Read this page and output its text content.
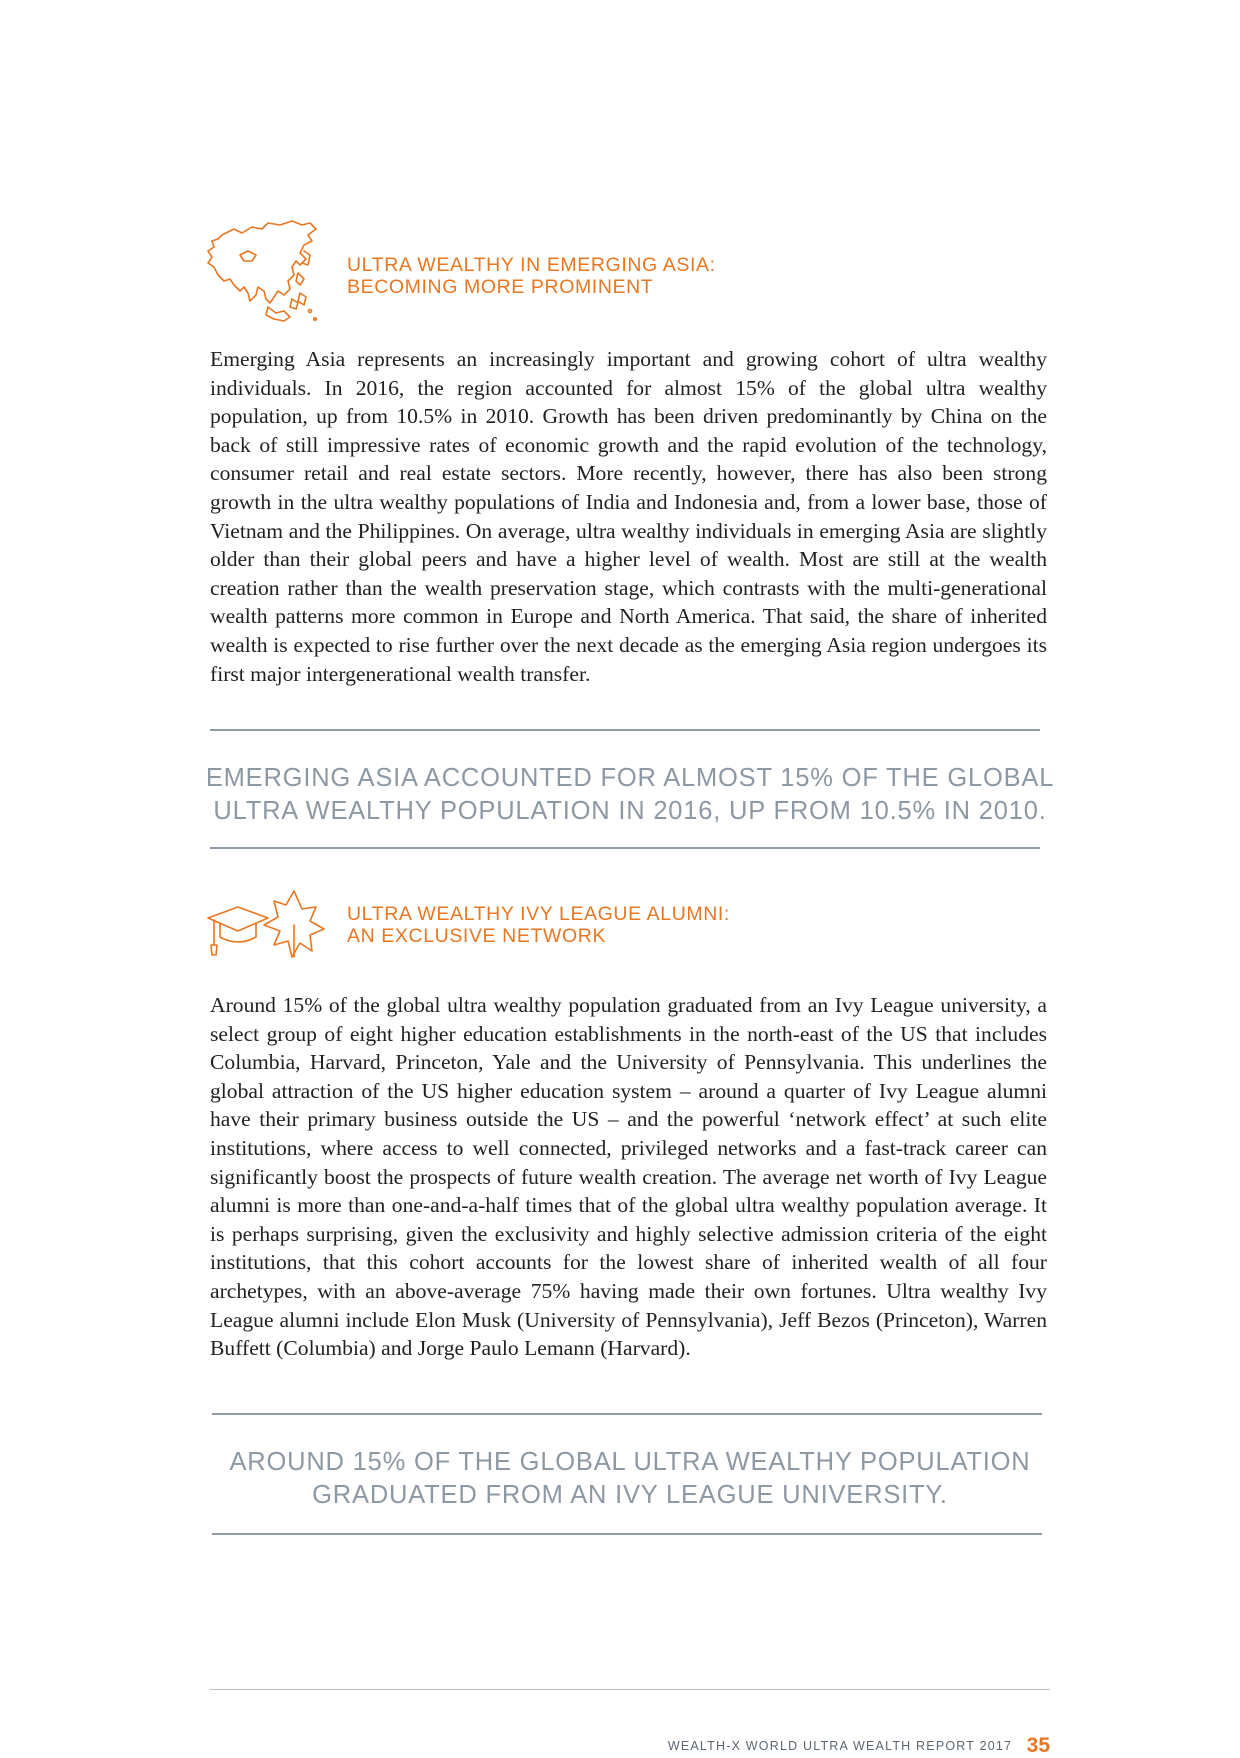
ULTRA WEALTHY IN EMERGING ASIA:
BECOMING MORE PROMINENT

Emerging Asia represents an increasingly important and growing cohort of ultra wealthy individuals. In 2016, the region accounted for almost 15% of the global ultra wealthy population, up from 10.5% in 2010. Growth has been driven predominantly by China on the back of still impressive rates of economic growth and the rapid evolution of the technology, consumer retail and real estate sectors. More recently, however, there has also been strong growth in the ultra wealthy populations of India and Indonesia and, from a lower base, those of Vietnam and the Philippines. On average, ultra wealthy individuals in emerging Asia are slightly older than their global peers and have a higher level of wealth. Most are still at the wealth creation rather than the wealth preservation stage, which contrasts with the multi-generational wealth patterns more common in Europe and North America. That said, the share of inherited wealth is expected to rise further over the next decade as the emerging Asia region undergoes its first major intergenerational wealth transfer.

EMERGING ASIA ACCOUNTED FOR ALMOST 15% OF THE GLOBAL
ULTRA WEALTHY POPULATION IN 2016, UP FROM 10.5% IN 2010.
ULTRA WEALTHY IVY LEAGUE ALUMNI:
AN EXCLUSIVE NETWORK

Around 15% of the global ultra wealthy population graduated from an Ivy League university, a select group of eight higher education establishments in the north-east of the US that includes Columbia, Harvard, Princeton, Yale and the University of Pennsylvania. This underlines the global attraction of the US higher education system – around a quarter of Ivy League alumni have their primary business outside the US – and the powerful ‘network effect’ at such elite institutions, where access to well connected, privileged networks and a fast-track career can significantly boost the prospects of future wealth creation. The average net worth of Ivy League alumni is more than one-and-a-half times that of the global ultra wealthy population average. It is perhaps surprising, given the exclusivity and highly selective admission criteria of the eight institutions, that this cohort accounts for the lowest share of inherited wealth of all four archetypes, with an above-average 75% having made their own fortunes. Ultra wealthy Ivy League alumni include Elon Musk (University of Pennsylvania), Jeff Bezos (Princeton), Warren Buffett (Columbia) and Jorge Paulo Lemann (Harvard).

AROUND 15% OF THE GLOBAL ULTRA WEALTHY POPULATION
GRADUATED FROM AN IVY LEAGUE UNIVERSITY.
WEALTH-X WORLD ULTRA WEALTH REPORT 2017 35
